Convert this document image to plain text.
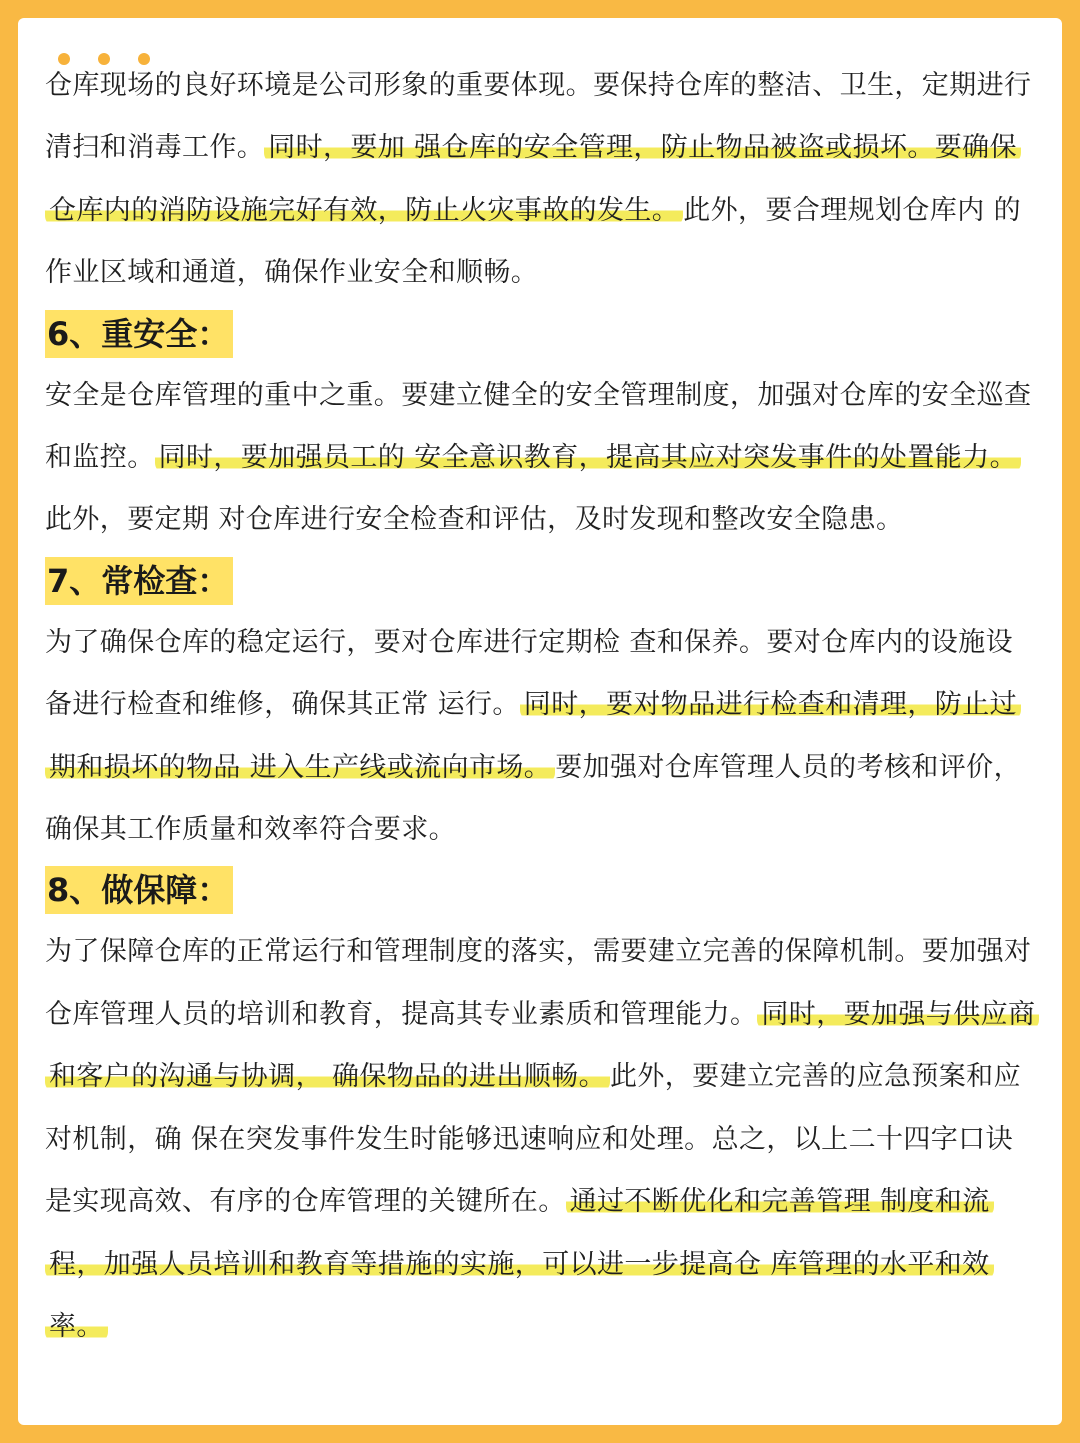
仓库现场的良好环境是公司形象的重要体现。要保持仓库的整洁、卫生，定期进行清扫和消毒工作。 同时，要加 强仓库的安全管理，防止物品被盗或损坏。要确保仓库内的消防设施完好有效，防止火灾事故的发生。 此外，要合理规划仓库内 的作业区域和通道，确保作业安全和顺畅。

6、重安全：

安全是仓库管理的重中之重。要建立健全的安全管理制度，加强对仓库的安全巡查和监控。 同时，要加强员工的 安全意识教育，提高其应对突发事件的处置能力。此外，要定期 对仓库进行安全检查和评估，及时发现和整改安全隐患。

7、常检查：

为了确保仓库的稳定运行，要对仓库进行定期检 查和保养。要对仓库内的设施设备进行检查和维修，确保其正常 运行。 同时，要对物品进行检查和清理，防止过期和损坏的物品 进入生产线或流向市场。 要加强对仓库管理人员的考核和评价， 确保其工作质量和效率符合要求。

8、做保障：

为了保障仓库的正常运行和管理制度的落实，需要建立完善的保障机制。要加强对仓库管理人员的培训和教育，提高其专业素质和管理能力。 同时，要加强与供应商和客户的沟通与协调， 确保物品的进出顺畅。 此外，要建立完善的应急预案和应对机制，确 保在突发事件发生时能够迅速响应和处理。总之，以上二十四字口诀 是实现高效、有序的仓库管理的关键所在。 通过不断优化和完善管理 制度和流程，加强人员培训和教育等措施的实施，可以进一步提高仓 库管理的水平和效率。
